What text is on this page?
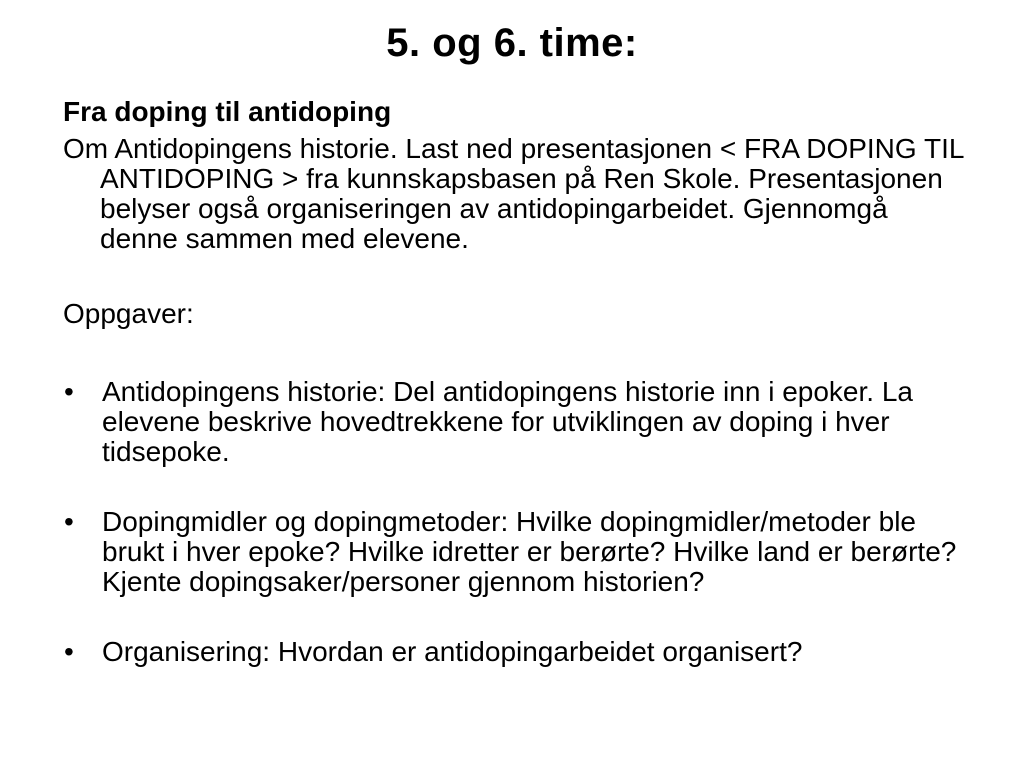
5. og 6. time:

Fra doping til antidoping

Om Antidopingens historie. Last ned presentasjonen < FRA DOPING TIL ANTIDOPING > fra kunnskapsbasen på Ren Skole. Presentasjonen belyser også organiseringen av antidopingarbeidet. Gjennomgå denne sammen med elevene.

Oppgaver:

• Antidopingens historie: Del antidopingens historie inn i epoker. La elevene beskrive hovedtrekkene for utviklingen av doping i hver tidsepoke.
• Dopingmidler og dopingmetoder: Hvilke dopingmidler/metoder ble brukt i hver epoke? Hvilke idretter er berørte? Hvilke land er berørte? Kjente dopingsaker/personer gjennom historien?
• Organisering: Hvordan er antidopingarbeidet organisert?
